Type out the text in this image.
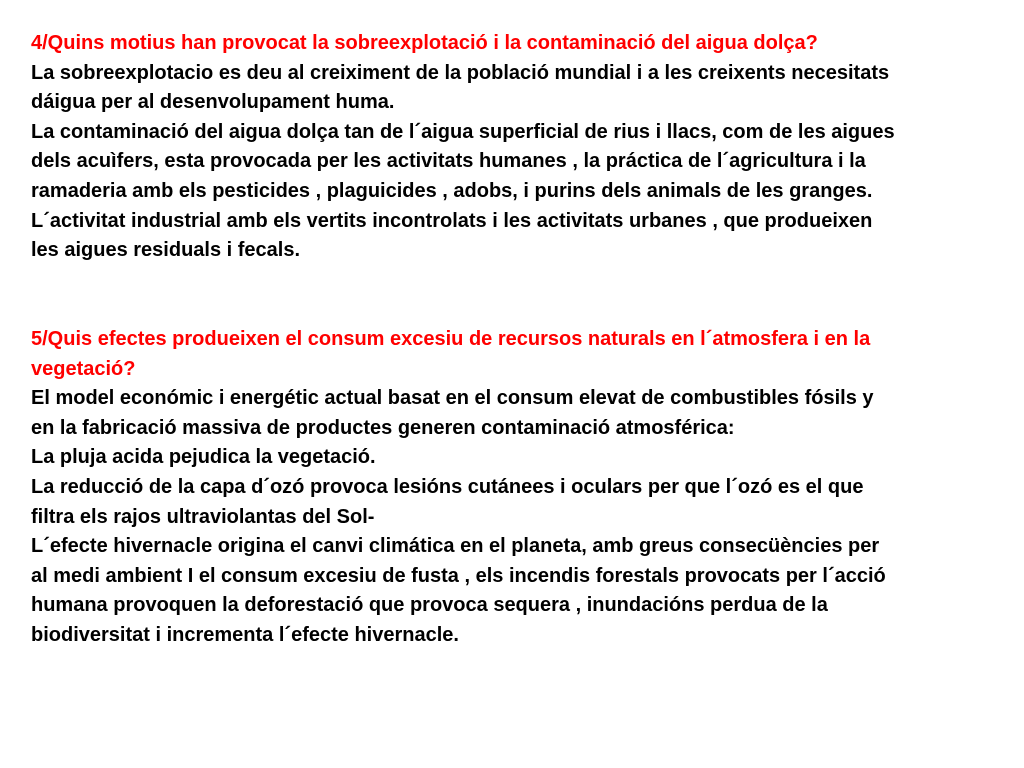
4/Quins motius han provocat la sobreexplotació i la contaminació del aigua dolça?
La sobreexplotacio es deu al creiximent de la població mundial i a les creixents necesitats
dáigua per al desenvolupament huma.
La contaminació del aigua dolça tan de l´aigua superficial de rius i llacs, com de les aigues
dels acuìfers, esta provocada per les activitats humanes , la práctica de l´agricultura i la
ramaderia amb els pesticides , plaguicides , adobs, i purins dels animals de les granges.
L´activitat industrial amb els vertits incontrolats i les activitats urbanes , que produeixen
les aigues residuals i fecals.
5/Quis efectes produeixen el consum excesiu de recursos naturals en l´atmosfera i en la
vegetació?
El model económic i energétic actual basat en el consum elevat de combustibles fósils y
en la fabricació massiva de productes generen contaminació atmosférica:
La pluja acida pejudica la vegetació.
La reducció de la capa d´ozó provoca lesións cutánees i oculars per que l´ozó es el que
filtra els rajos ultraviolantas del Sol-
L´efecte hivernacle origina el canvi climática en el planeta, amb greus consecüències per
al medi ambient I el consum excesiu de fusta , els incendis forestals provocats per l´acció
humana provoquen la deforestació que provoca sequera , inundacións perdua de la
biodiversitat i incrementa l´efecte hivernacle.
